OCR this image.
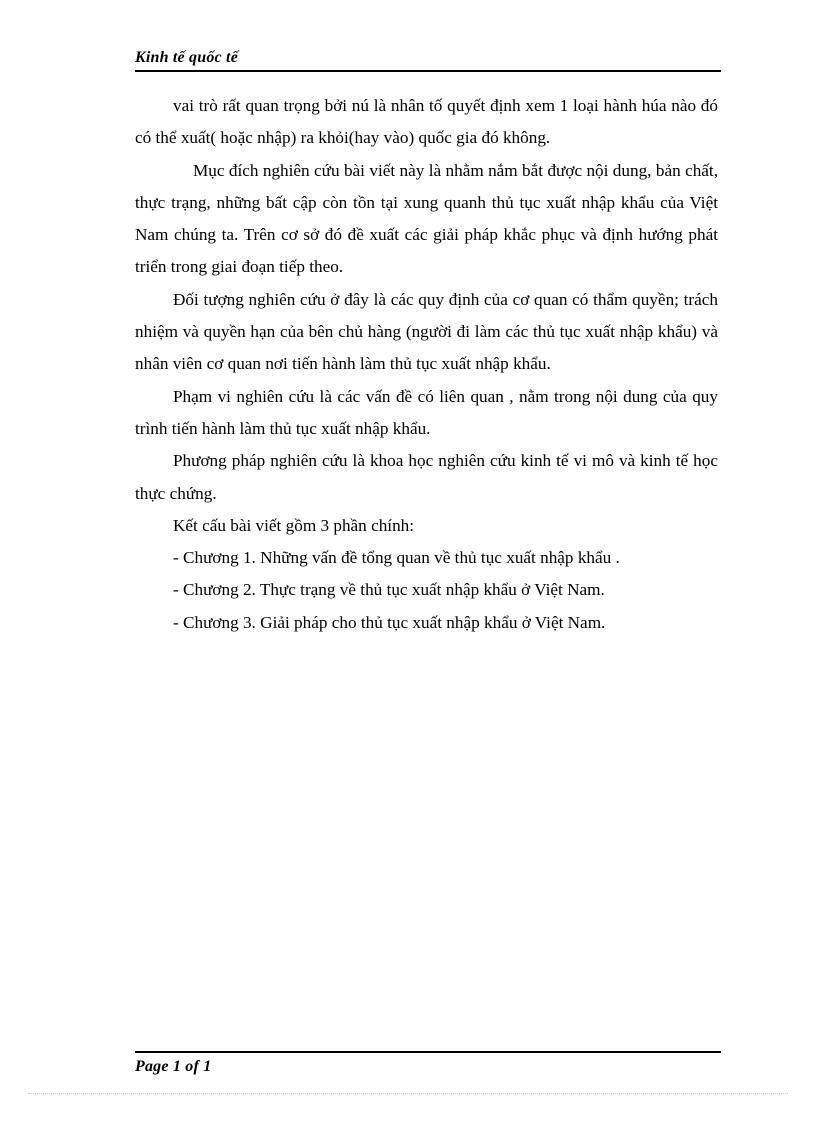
Kinh tế quốc tế

vai trò rất quan trọng bởi nú là nhân tố quyết định xem 1 loại hành húa nào đó có thể xuất( hoặc nhập) ra khỏi(hay vào) quốc gia đó không.

Mục đích nghiên cứu bài viết này là nhằm nắm bắt được nội dung, bản chất, thực trạng, những bất cập còn tồn tại xung quanh thủ tục xuất nhập khẩu của Việt Nam chúng ta. Trên cơ sở đó đề xuất các giải pháp khắc phục và định hướng phát triển trong giai đoạn tiếp theo.

Đối tượng nghiên cứu ở đây là các quy định của cơ quan có thẩm quyền; trách nhiệm và quyền hạn của bên chủ hàng (người đi làm các thủ tục xuất nhập khẩu) và nhân viên cơ quan nơi tiến hành làm thủ tục xuất nhập khẩu.

Phạm vi nghiên cứu là các vấn đề có liên quan , nằm trong nội dung của quy trình tiến hành làm thủ tục xuất nhập khẩu.

Phương pháp nghiên cứu là khoa học nghiên cứu kinh tế vi mô và kinh tế học thực chứng.

Kết cấu bài viết gồm 3 phần chính:

- Chương 1. Những vấn đề tổng quan về thủ tục xuất nhập khẩu .

- Chương 2. Thực trạng về thủ tục xuất nhập khẩu ở Việt Nam.

- Chương 3. Giải pháp cho thủ tục xuất nhập khẩu ở Việt Nam.

Page 1 of 1
